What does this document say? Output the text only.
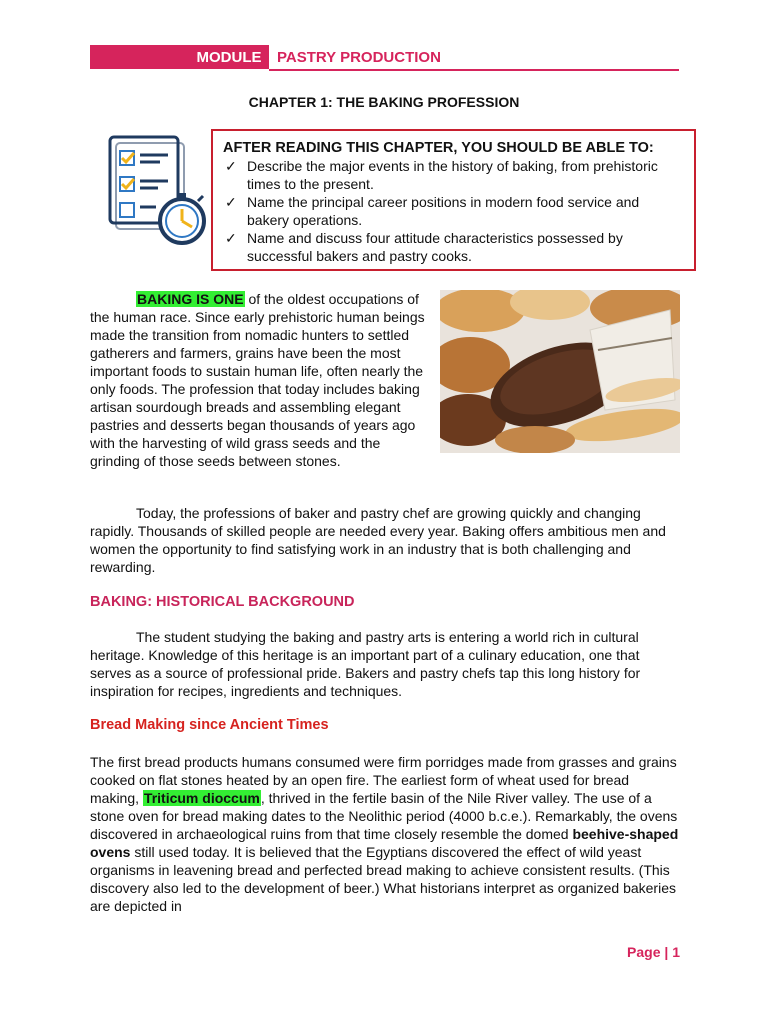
MODULE	PASTRY PRODUCTION
CHAPTER 1: THE BAKING PROFESSION
AFTER READING THIS CHAPTER, YOU SHOULD BE ABLE TO:
✓ Describe the major events in the history of baking, from prehistoric times to the present.
✓ Name the principal career positions in modern food service and bakery operations.
✓ Name and discuss four attitude characteristics possessed by successful bakers and pastry cooks.

BAKING IS ONE of the oldest occupations of the human race. Since early prehistoric human beings made the transition from nomadic hunters to settled gatherers and farmers, grains have been the most important foods to sustain human life, often nearly the only foods. The profession that today includes baking artisan sourdough breads and assembling elegant pastries and desserts began thousands of years ago with the harvesting of wild grass seeds and the grinding of those seeds between stones.

Today, the professions of baker and pastry chef are growing quickly and changing rapidly. Thousands of skilled people are needed every year. Baking offers ambitious men and women the opportunity to find satisfying work in an industry that is both challenging and rewarding.

BAKING: HISTORICAL BACKGROUND

The student studying the baking and pastry arts is entering a world rich in cultural heritage. Knowledge of this heritage is an important part of a culinary education, one that serves as a source of professional pride. Bakers and pastry chefs tap this long history for inspiration for recipes, ingredients and techniques.

Bread Making since Ancient Times

The first bread products humans consumed were firm porridges made from grasses and grains cooked on flat stones heated by an open fire. The earliest form of wheat used for bread making, Triticum dioccum, thrived in the fertile basin of the Nile River valley. The use of a stone oven for bread making dates to the Neolithic period (4000 b.c.e.). Remarkably, the ovens discovered in archaeological ruins from that time closely resemble the domed beehive-shaped ovens still used today. It is believed that the Egyptians discovered the effect of wild yeast organisms in leavening bread and perfected bread making to achieve consistent results. (This discovery also led to the development of beer.) What historians interpret as organized bakeries are depicted in

Page | 1
